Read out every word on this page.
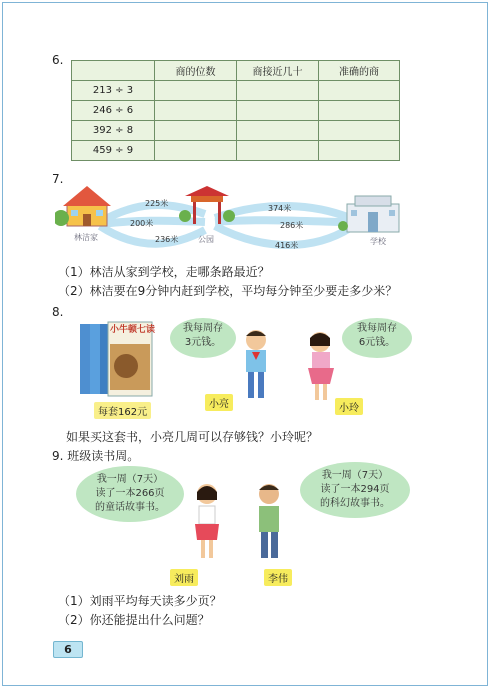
6.
	商的位数	商接近几十	准确的商
213 ÷ 3			
246 ÷ 6			
392 ÷ 8			
459 ÷ 9			
7.
225米
200米
236米
374米
286米
416米
林洁家	公园	学校
（1）林洁从家到学校，走哪条路最近？
（2）林洁要在9分钟内赶到学校，平均每分钟至少要走多少米？
8.
小牛顿七读
每套162元
我每周存
3元钱。
我每周存
6元钱。
小亮	小玲
如果买这套书，小亮几周可以存够钱？小玲呢？
9. 班级读书周。
我一周（7天）
读了一本266页
的童话故事书。
我一周（7天）
读了一本294页
的科幻故事书。
刘雨	李伟
（1）刘雨平均每天读多少页？
（2）你还能提出什么问题？
6
